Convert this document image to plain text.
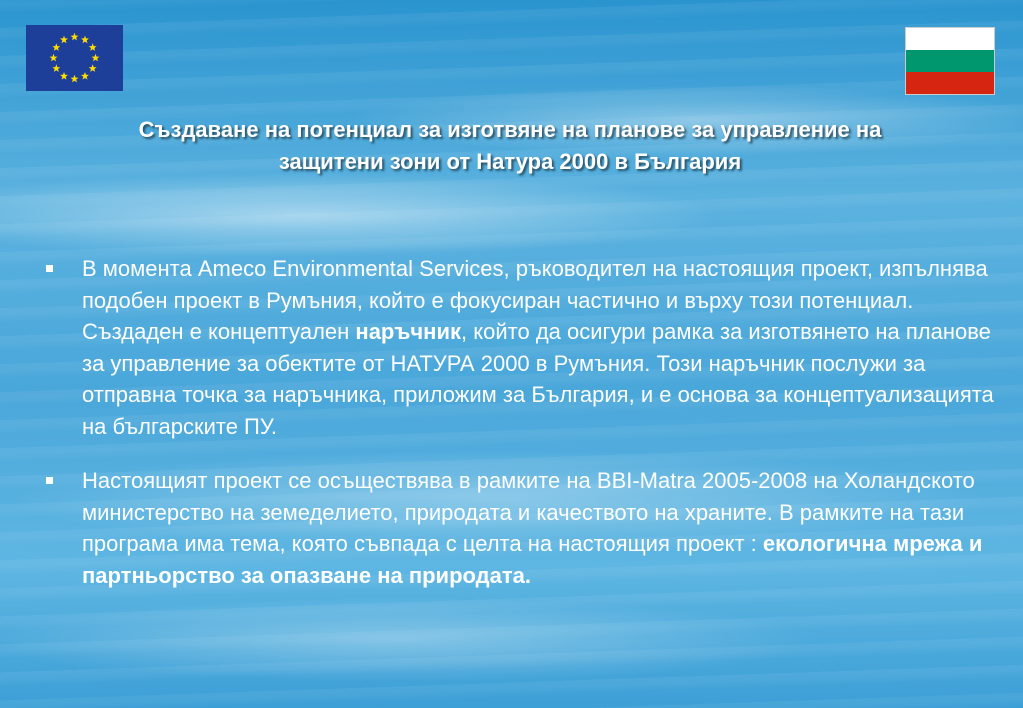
Създаване на потенциал за изготвяне на планове за управление на
защитени зони от Натура 2000 в България
В момента Ameco Environmental Services, ръководител на настоящия проект, изпълнява подобен проект в Румъния, който е фокусиран частично и върху този потенциал. Създаден е концептуален наръчник, който да осигури рамка за изготвянето на планове за управление за обектите от НАТУРА 2000 в Румъния. Този наръчник послужи за отправна точка за наръчника, приложим за България, и е основа за концептуализацията на българските ПУ.
Настоящият проект се осъществява в рамките на BBI-Matra 2005-2008 на Холандското министерство на земеделието, природата и качеството на храните. В рамките на тази програма има тема, която съвпада с целта на настоящия проект : екологична мрежа и партньорство за опазване на природата.
